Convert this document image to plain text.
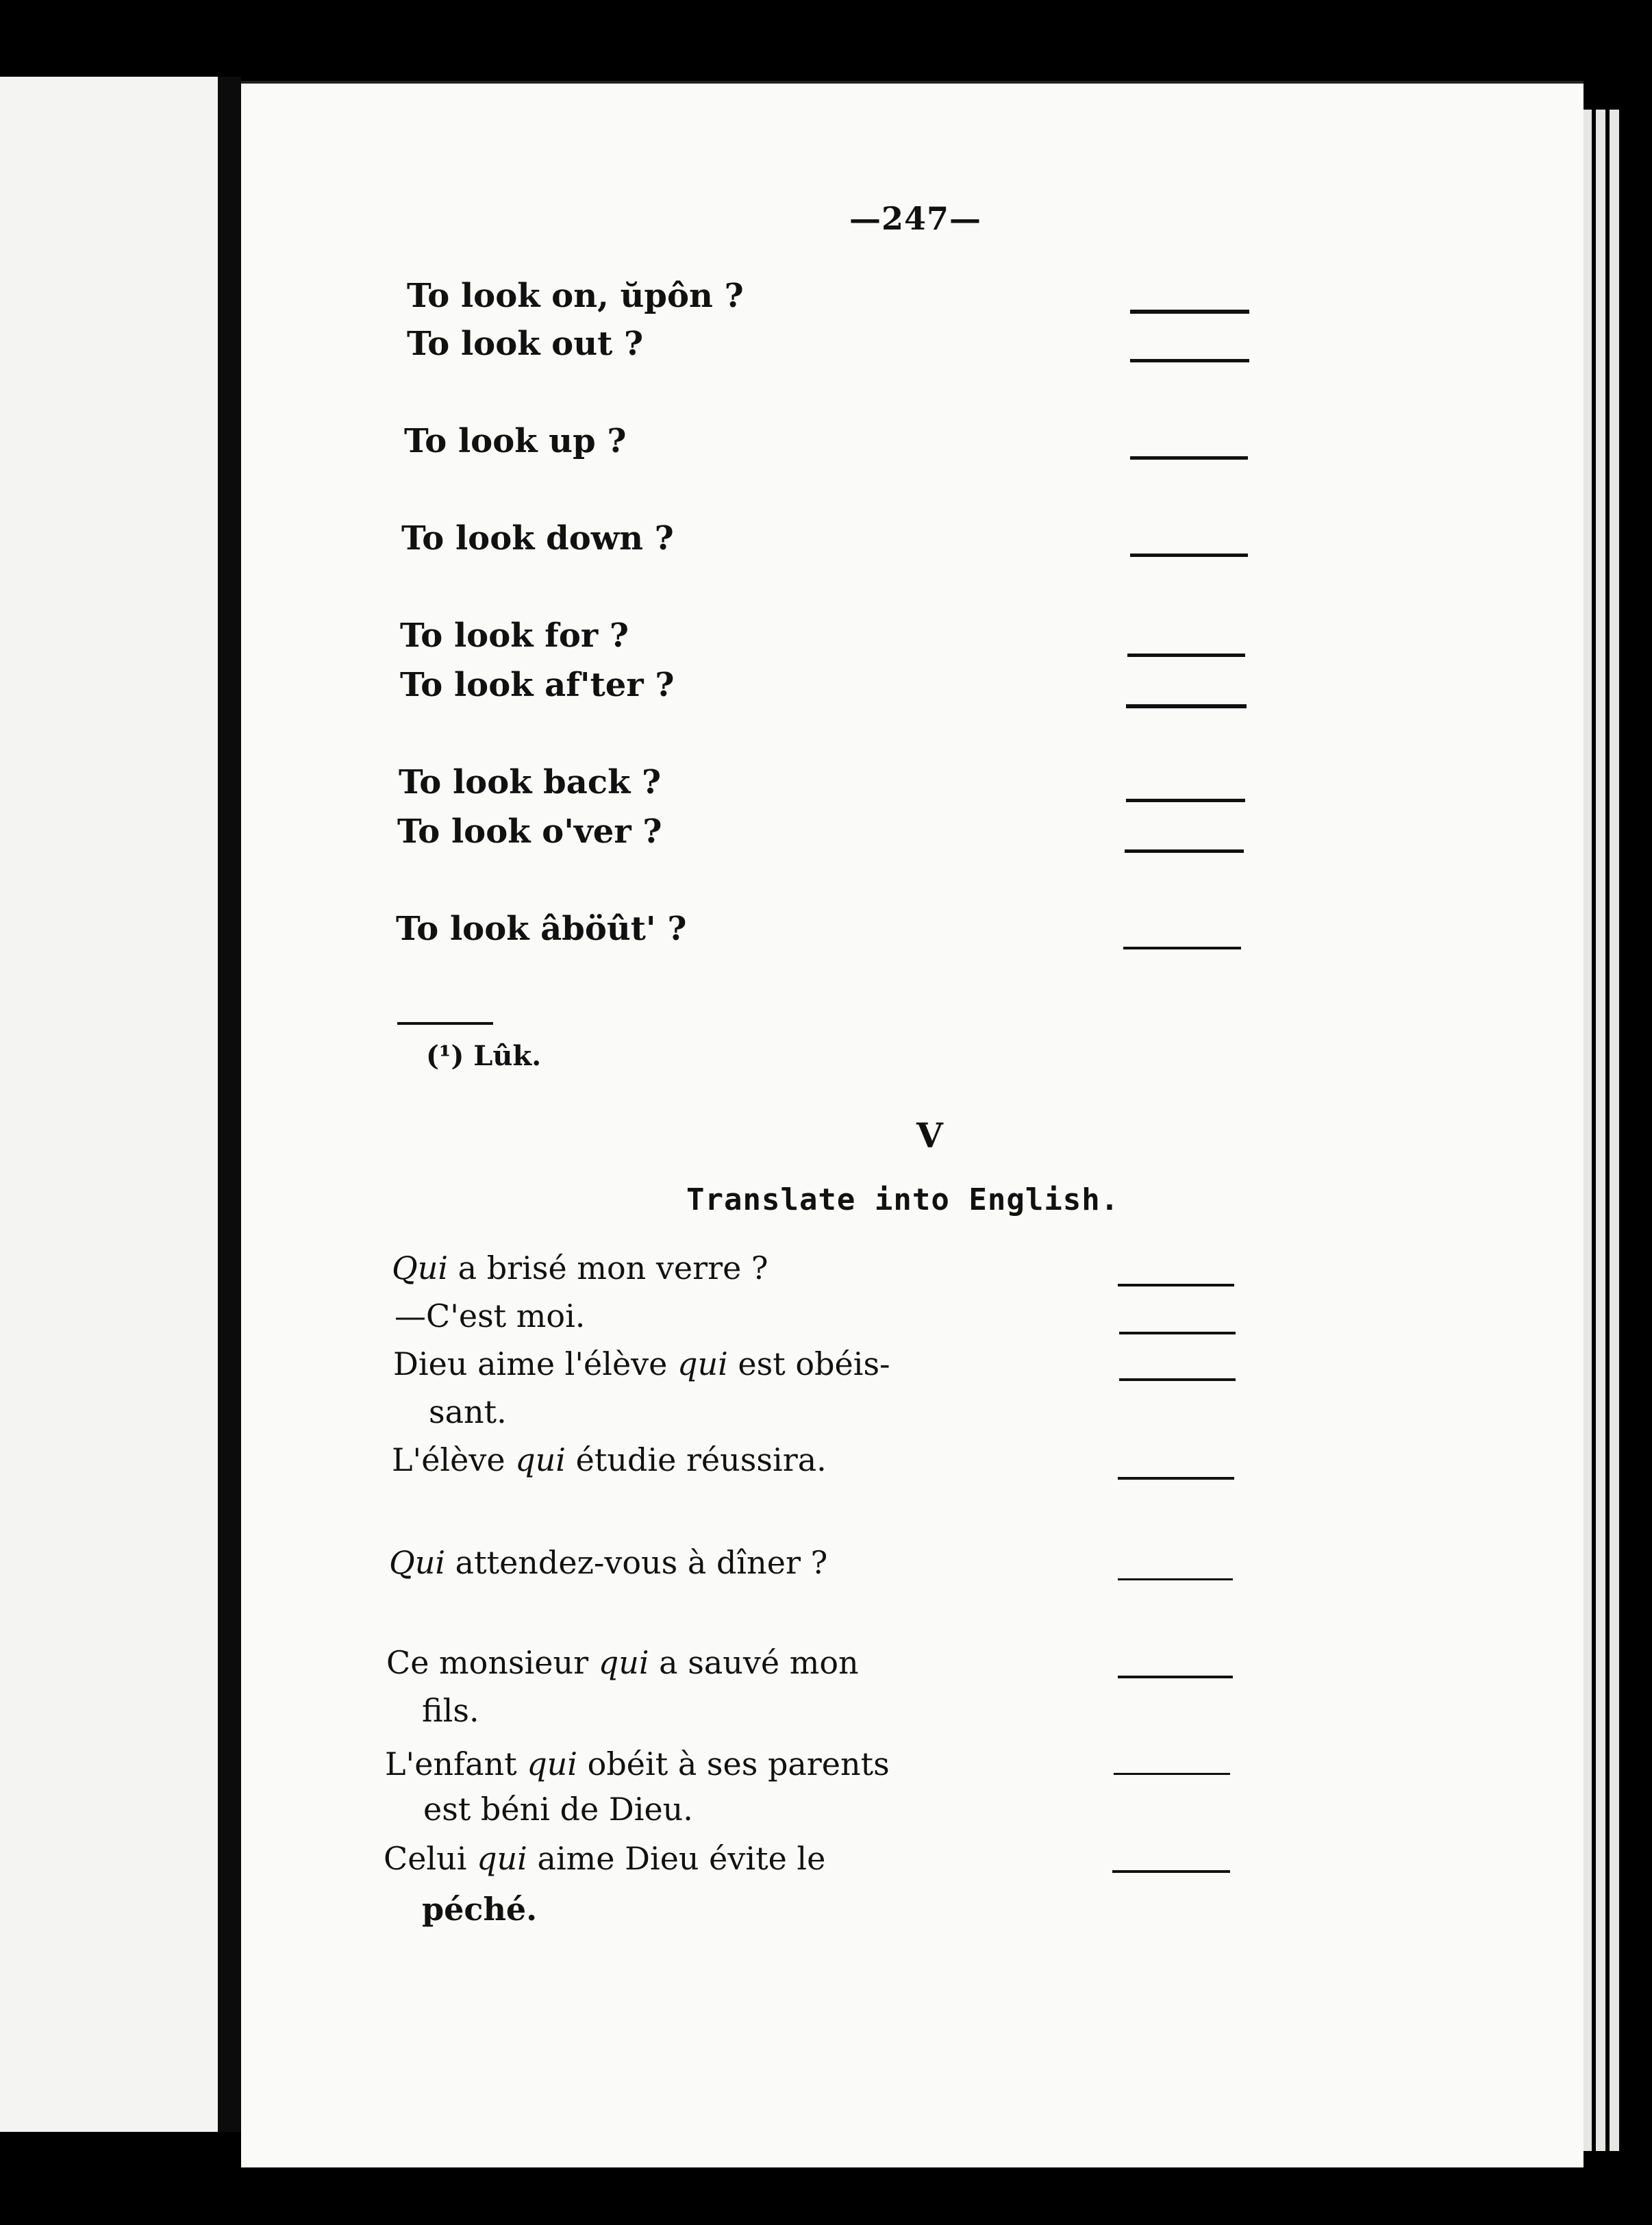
—247—
To look on, ŭpôn ?
To look out ?
To look up ?
To look down ?
To look for ?
To look af'ter ?
To look back ?
To look o'ver ?
To look âböût' ?
(¹) Lûk.
V
Translate into English.
Qui a brisé mon verre ?
—C'est moi.
Dieu aime l'élève qui est obéis-
sant.
L'élève qui étudie réussira.
Qui attendez-vous à dîner ?
Ce monsieur qui a sauvé mon
fils.
L'enfant qui obéit à ses parents
est béni de Dieu.
Celui qui aime Dieu évite le
péché.
